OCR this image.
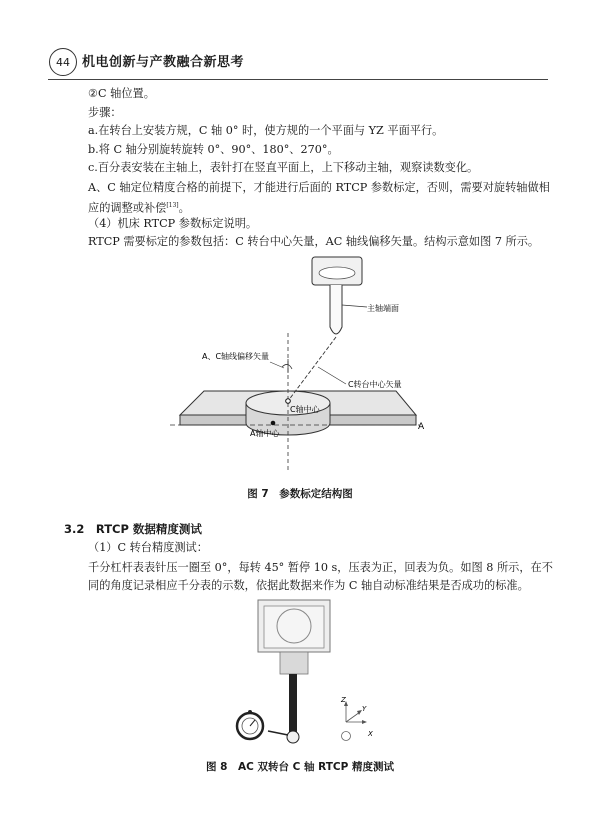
44 机电创新与产教融合新思考
②C 轴位置。
步骤：
a.在转台上安装方规，C 轴 0° 时，使方规的一个平面与 YZ 平面平行。
b.将 C 轴分别旋转旋转 0°、90°、180°、270°。
c.百分表安装在主轴上，表针打在竖直平面上，上下移动主轴，观察读数变化。
A、C 轴定位精度合格的前提下，才能进行后面的 RTCP 参数标定，否则，需要对旋转轴做相应的调整或补偿[13]。
（4）机床 RTCP 参数标定说明。
RTCP 需要标定的参数包括：C 转台中心矢量，AC 轴线偏移矢量。结构示意如图 7 所示。
主轴端面
A
A、C轴线偏移矢量
C转台中心矢量
C轴中心
A轴中心
图 7　参数标定结构图
3.2　RTCP 数据精度测试
（1）C 转台精度测试：
千分杠杆表表针压一圈至 0°，每转 45° 暂停 10 s，压表为正，回表为负。如图 8 所示，在不同的角度记录相应千分表的示数，依据此数据来作为 C 轴自动标准结果是否成功的标准。
Z
Y
X
图 8　AC 双转台 C 轴 RTCP 精度测试
